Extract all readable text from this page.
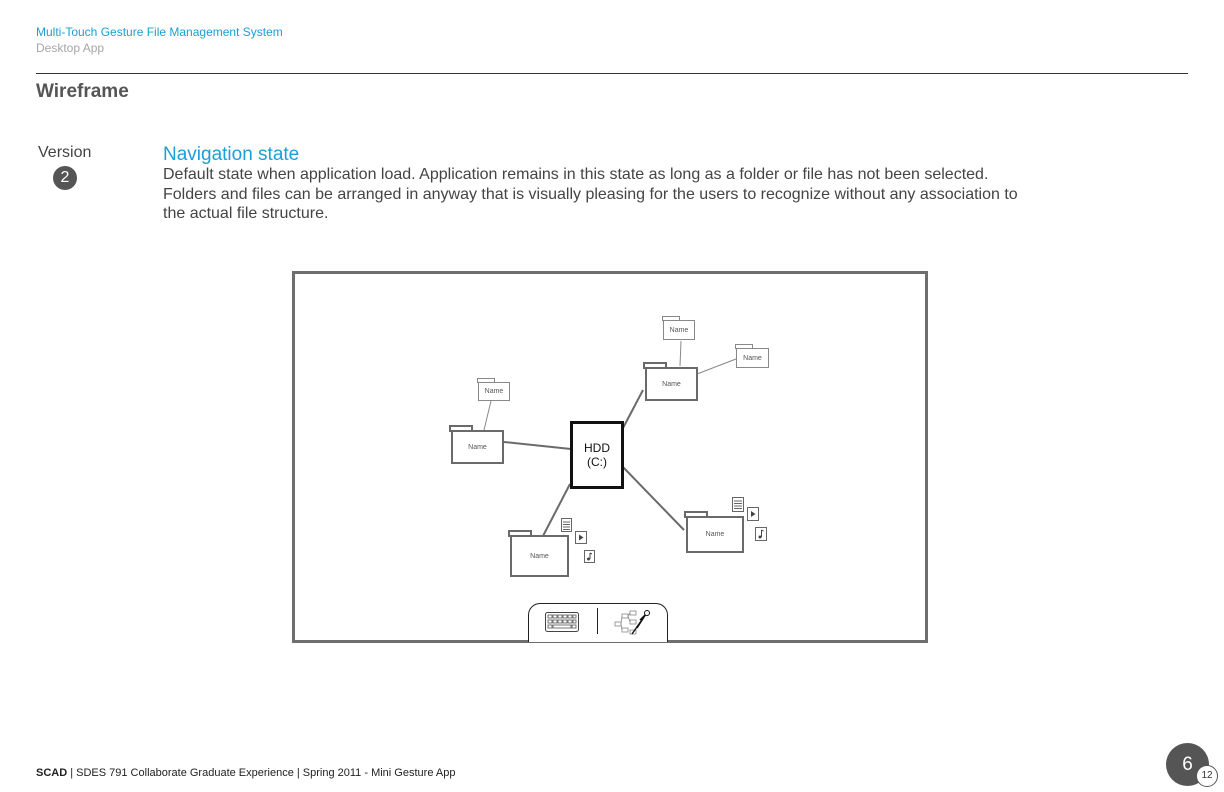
Multi-Touch Gesture File Management System
Desktop App
Wireframe
Version
2
Navigation state
Default state when application load. Application remains in this state as long as a folder or file has not been selected. Folders and files can be arranged in anyway that is visually pleasing for the users to recognize without any association to the actual file structure.
HDD
(C:)
Name
Name
Name
Name
Name
Name
Name
SCAD | SDES 791 Collaborate Graduate Experience | Spring 2011 - Mini Gesture App	6
12
